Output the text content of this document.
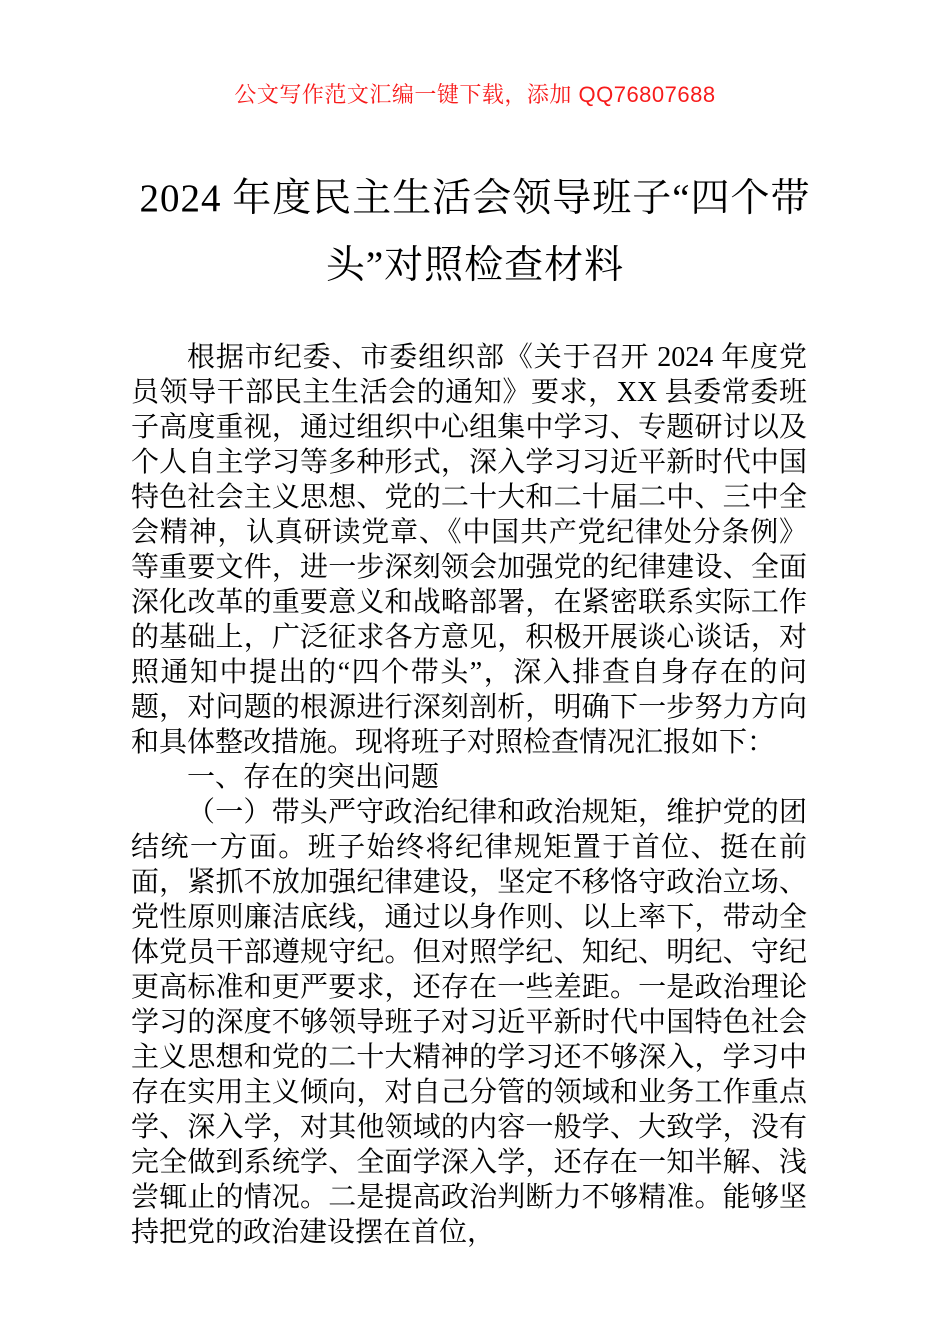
公文写作范文汇编一键下载，添加 QQ76807688
2024 年度民主生活会领导班子“四个带
头”对照检查材料

根据市纪委、市委组织部《关于召开 2024 年度党员领导干部民主生活会的通知》要求，XX 县委常委班子高度重视，通过组织中心组集中学习、专题研讨以及个人自主学习等多种形式，深入学习习近平新时代中国特色社会主义思想、党的二十大和二十届二中、三中全会精神，认真研读党章、《中国共产党纪律处分条例》等重要文件，进一步深刻领会加强党的纪律建设、全面深化改革的重要意义和战略部署，在紧密联系实际工作的基础上，广泛征求各方意见，积极开展谈心谈话，对照通知中提出的“四个带头”，深入排查自身存在的问题，对问题的根源进行深刻剖析，明确下一步努力方向和具体整改措施。现将班子对照检查情况汇报如下：

一、存在的突出问题

（一）带头严守政治纪律和政治规矩，维护党的团结统一方面。班子始终将纪律规矩置于首位、挺在前面，紧抓不放加强纪律建设，坚定不移恪守政治立场、党性原则廉洁底线，通过以身作则、以上率下，带动全体党员干部遵规守纪。但对照学纪、知纪、明纪、守纪更高标准和更严要求，还存在一些差距。一是政治理论学习的深度不够领导班子对习近平新时代中国特色社会主义思想和党的二十大精神的学习还不够深入，学习中存在实用主义倾向，对自己分管的领域和业务工作重点学、深入学，对其他领域的内容一般学、大致学，没有完全做到系统学、全面学深入学，还存在一知半解、浅尝辄止的情况。二是提高政治判断力不够精准。能够坚持把党的政治建设摆在首位，
